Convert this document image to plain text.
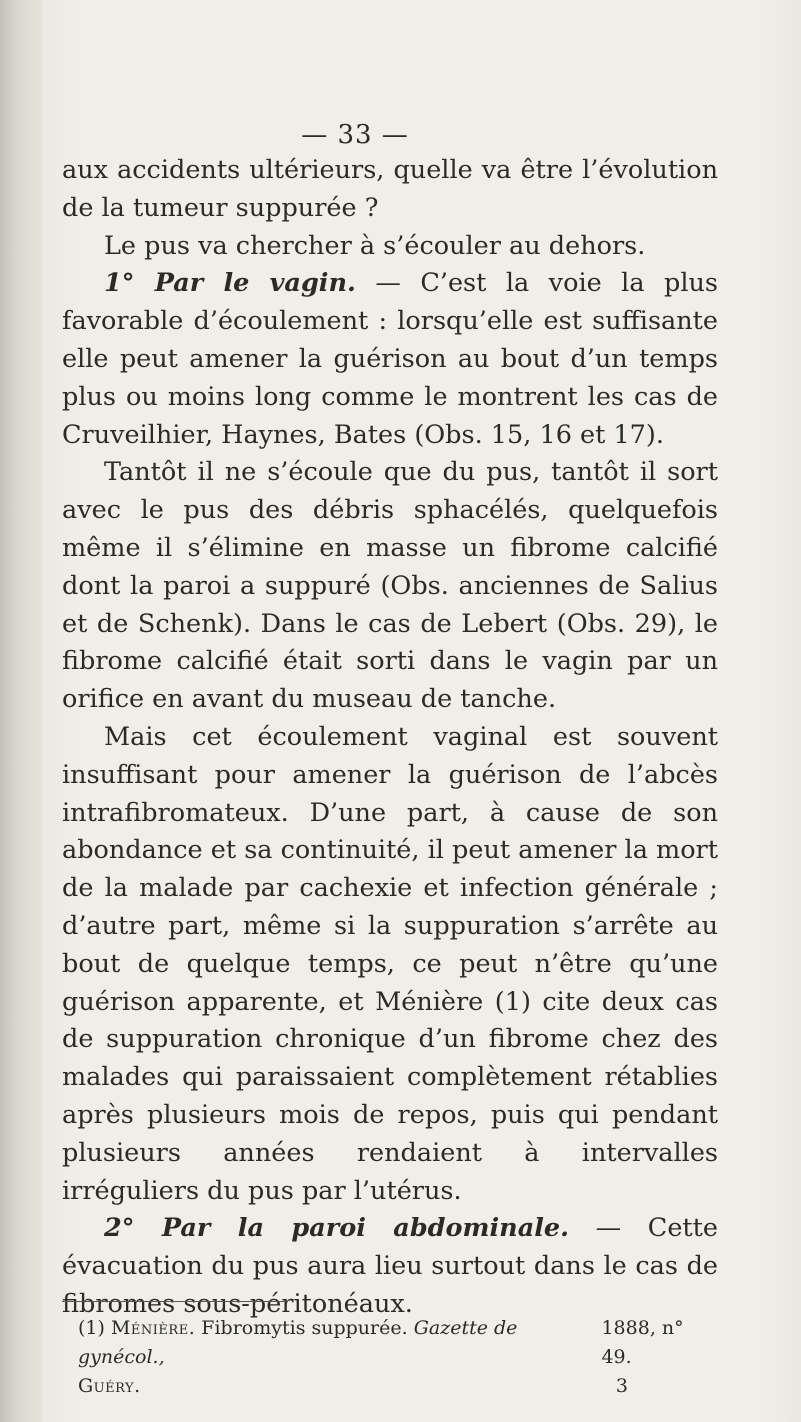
— 33 —

aux accidents ultérieurs, quelle va être l’évolution de la tumeur suppurée ?

Le pus va chercher à s’écouler au dehors.

1° Par le vagin. — C’est la voie la plus favorable d’écoulement : lorsqu’elle est suffisante elle peut amener la guérison au bout d’un temps plus ou moins long comme le montrent les cas de Cruveilhier, Haynes, Bates (Obs. 15, 16 et 17).

Tantôt il ne s’écoule que du pus, tantôt il sort avec le pus des débris sphacélés, quelquefois même il s’élimine en masse un fibrome calcifié dont la paroi a suppuré (Obs. anciennes de Salius et de Schenk). Dans le cas de Lebert (Obs. 29), le fibrome calcifié était sorti dans le vagin par un orifice en avant du museau de tanche.

Mais cet écoulement vaginal est souvent insuffisant pour amener la guérison de l’abcès intrafibromateux. D’une part, à cause de son abondance et sa continuité, il peut amener la mort de la malade par cachexie et infection générale ; d’autre part, même si la suppuration s’arrête au bout de quelque temps, ce peut n’être qu’une guérison apparente, et Ménière (1) cite deux cas de suppuration chronique d’un fibrome chez des malades qui paraissaient complètement rétablies après plusieurs mois de repos, puis qui pendant plusieurs années rendaient à intervalles irréguliers du pus par l’utérus.

2° Par la paroi abdominale. — Cette évacuation du pus aura lieu surtout dans le cas de fibromes sous-péritonéaux.

(1) Ménière. Fibromytis suppurée. Gazette de gynécol.,
1888, n° 49.
Guéry.	3
